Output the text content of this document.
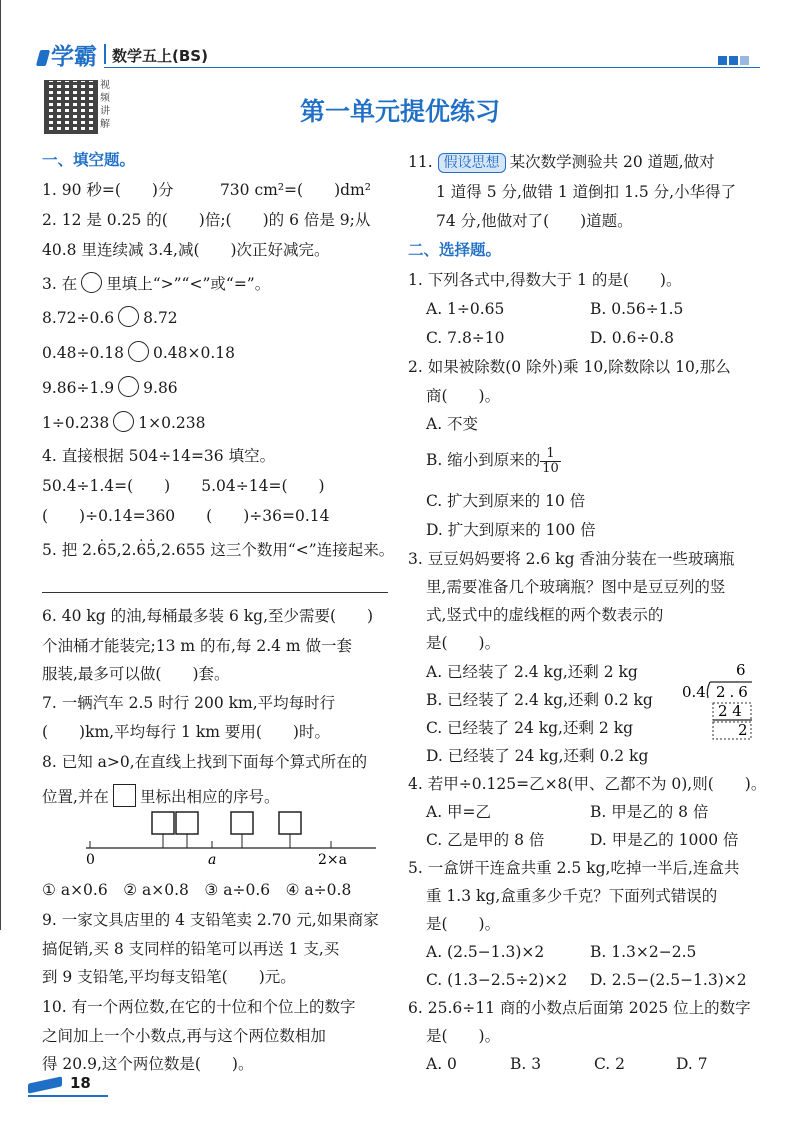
学霸 数学五上(BS)
视频讲解	第一单元提优练习
一、填空题。
1. 90 秒=(　　)分　　　730 cm²=(　　)dm²
2. 12 是 0.25 的(　　)倍;(　　)的 6 倍是 9;从
40.8 里连续减 3.4,减(　　)次正好减完。
3. 在 里填上“>”“<”或“=”。
8.72÷0.6 8.72
0.48÷0.18 0.48×0.18
9.86÷1.9 9.86
1÷0.238 1×0.238
4. 直接根据 504÷14=36 填空。
50.4÷1.4=(　　)　　5.04÷14=(　　)
(　　)÷0.14=360　　(　　)÷36=0.14
5. 把 2.. 65,2.. 6. 5,2.655 这三个数用“<”连接起来。
6. 40 kg 的油,每桶最多装 6 kg,至少需要(　　)
个油桶才能装完;13 m 的布,每 2.4 m 做一套
服装,最多可以做(　　)套。
7. 一辆汽车 2.5 时行 200 km,平均每时行
(　　)km,平均每行 1 km 要用(　　)时。
8. 已知 a>0,在直线上找到下面每个算式所在的
位置,并在 里标出相应的序号。
0	a	2×a
① a×0.6　② a×0.8　③ a÷0.6　④ a÷0.8
9. 一家文具店里的 4 支铅笔卖 2.70 元,如果商家
搞促销,买 8 支同样的铅笔可以再送 1 支,买
到 9 支铅笔,平均每支铅笔(　　)元。
10. 有一个两位数,在它的十位和个位上的数字
之间加上一个小数点,再与这个两位数相加
得 20.9,这个两位数是(　　)。
11. 假设思想 某次数学测验共 20 道题,做对
1 道得 5 分,做错 1 道倒扣 1.5 分,小华得了
74 分,他做对了(　　)道题。
二、选择题。
1. 下列各式中,得数大于 1 的是(　　)。
A. 1÷0.65	B. 0.56÷1.5
C. 7.8÷10	D. 0.6÷0.8
2. 如果被除数(0 除外)乘 10,除数除以 10,那么
商(　　)。
A. 不变
B. 缩小到原来的 $\frac{1}{10}$
C. 扩大到原来的 10 倍
D. 扩大到原来的 100 倍
3. 豆豆妈妈要将 2.6 kg 香油分装在一些玻璃瓶
里,需要准备几个玻璃瓶？图中是豆豆列的竖
式,竖式中的虚线框的两个数表示的
是(　　)。
A. 已经装了 2.4 kg,还剩 2 kg
B. 已经装了 2.4 kg,还剩 0.2 kg
C. 已经装了 24 kg,还剩 2 kg
D. 已经装了 24 kg,还剩 0.2 kg
6
0.4 2.6
2 4
2
4. 若甲÷0.125=乙×8(甲、乙都不为 0),则(　　)。
A. 甲=乙	B. 甲是乙的 8 倍
C. 乙是甲的 8 倍	D. 甲是乙的 1000 倍
5. 一盒饼干连盒共重 2.5 kg,吃掉一半后,连盒共
重 1.3 kg,盒重多少千克？下面列式错误的
是(　　)。
A. (2.5−1.3)×2	B. 1.3×2−2.5
C. (1.3−2.5÷2)×2 D. 2.5−(2.5−1.3)×2
6. 25.6÷11 商的小数点后面第 2025 位上的数字
是(　　)。
A. 0	B. 3	C. 2	D. 7
18
